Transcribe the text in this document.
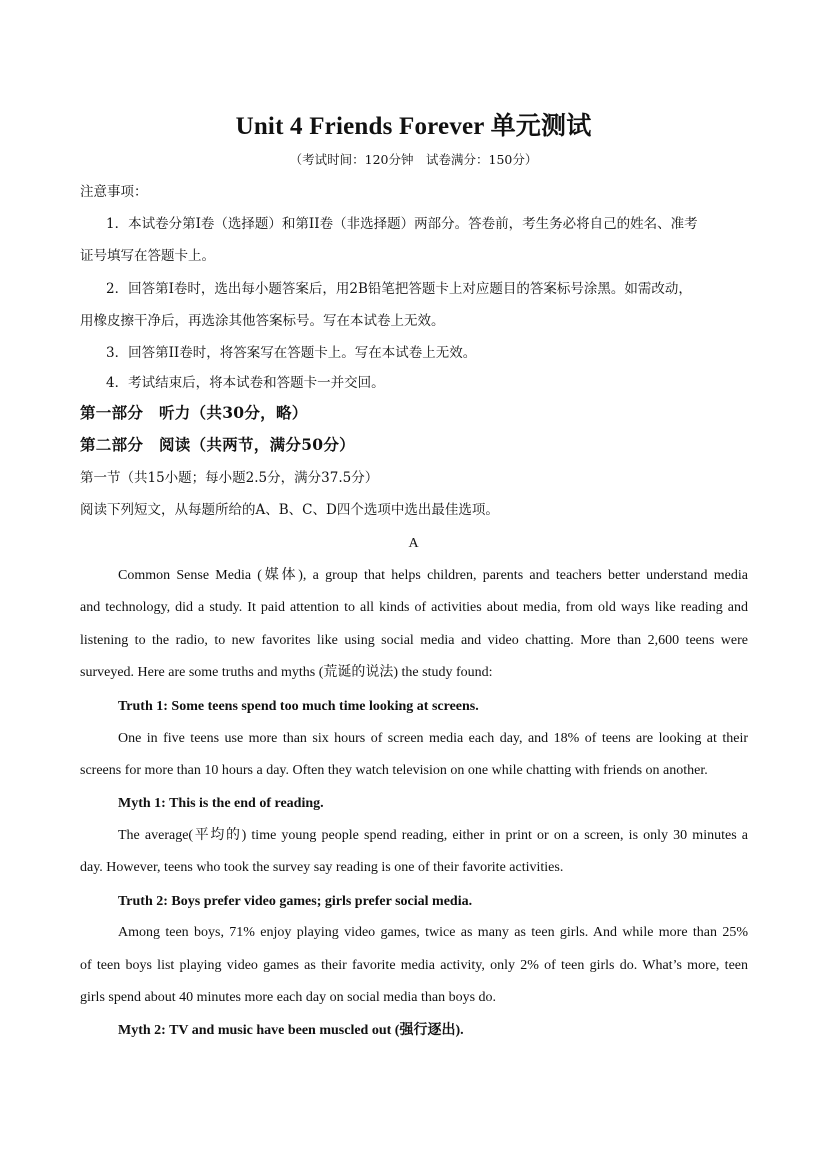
Unit 4 Friends Forever 单元测试
（考试时间：120分钟　试卷满分：150分）
注意事项：
1．本试卷分第I卷（选择题）和第II卷（非选择题）两部分。答卷前，考生务必将自己的姓名、准考
证号填写在答题卡上。
2．回答第I卷时，选出每小题答案后，用2B铅笔把答题卡上对应题目的答案标号涂黑。如需改动，
用橡皮擦干净后，再选涂其他答案标号。写在本试卷上无效。
3．回答第II卷时，将答案写在答题卡上。写在本试卷上无效。
4．考试结束后，将本试卷和答题卡一并交回。
第一部分　听力（共30分，略）
第二部分　阅读（共两节，满分50分）
第一节（共15小题；每小题2.5分，满分37.5分）
阅读下列短文，从每题所给的A、B、C、D四个选项中选出最佳选项。
A
Common Sense Media (媒体), a group that helps children, parents and teachers better understand media
and technology, did a study. It paid attention to all kinds of activities about media, from old ways like reading and
listening to the radio, to new favorites like using social media and video chatting. More than 2,600 teens were
surveyed. Here are some truths and myths (荒诞的说法) the study found:
Truth 1: Some teens spend too much time looking at screens.
One in five teens use more than six hours of screen media each day, and 18% of teens are looking at their
screens for more than 10 hours a day. Often they watch television on one while chatting with friends on another.
Myth 1: This is the end of reading.
The average(平均的) time young people spend reading, either in print or on a screen, is only 30 minutes a
day. However, teens who took the survey say reading is one of their favorite activities.
Truth 2: Boys prefer video games; girls prefer social media.
Among teen boys, 71% enjoy playing video games, twice as many as teen girls. And while more than 25%
of teen boys list playing video games as their favorite media activity, only 2% of teen girls do. What’s more, teen
girls spend about 40 minutes more each day on social media than boys do.
Myth 2: TV and music have been muscled out (强行逐出).
